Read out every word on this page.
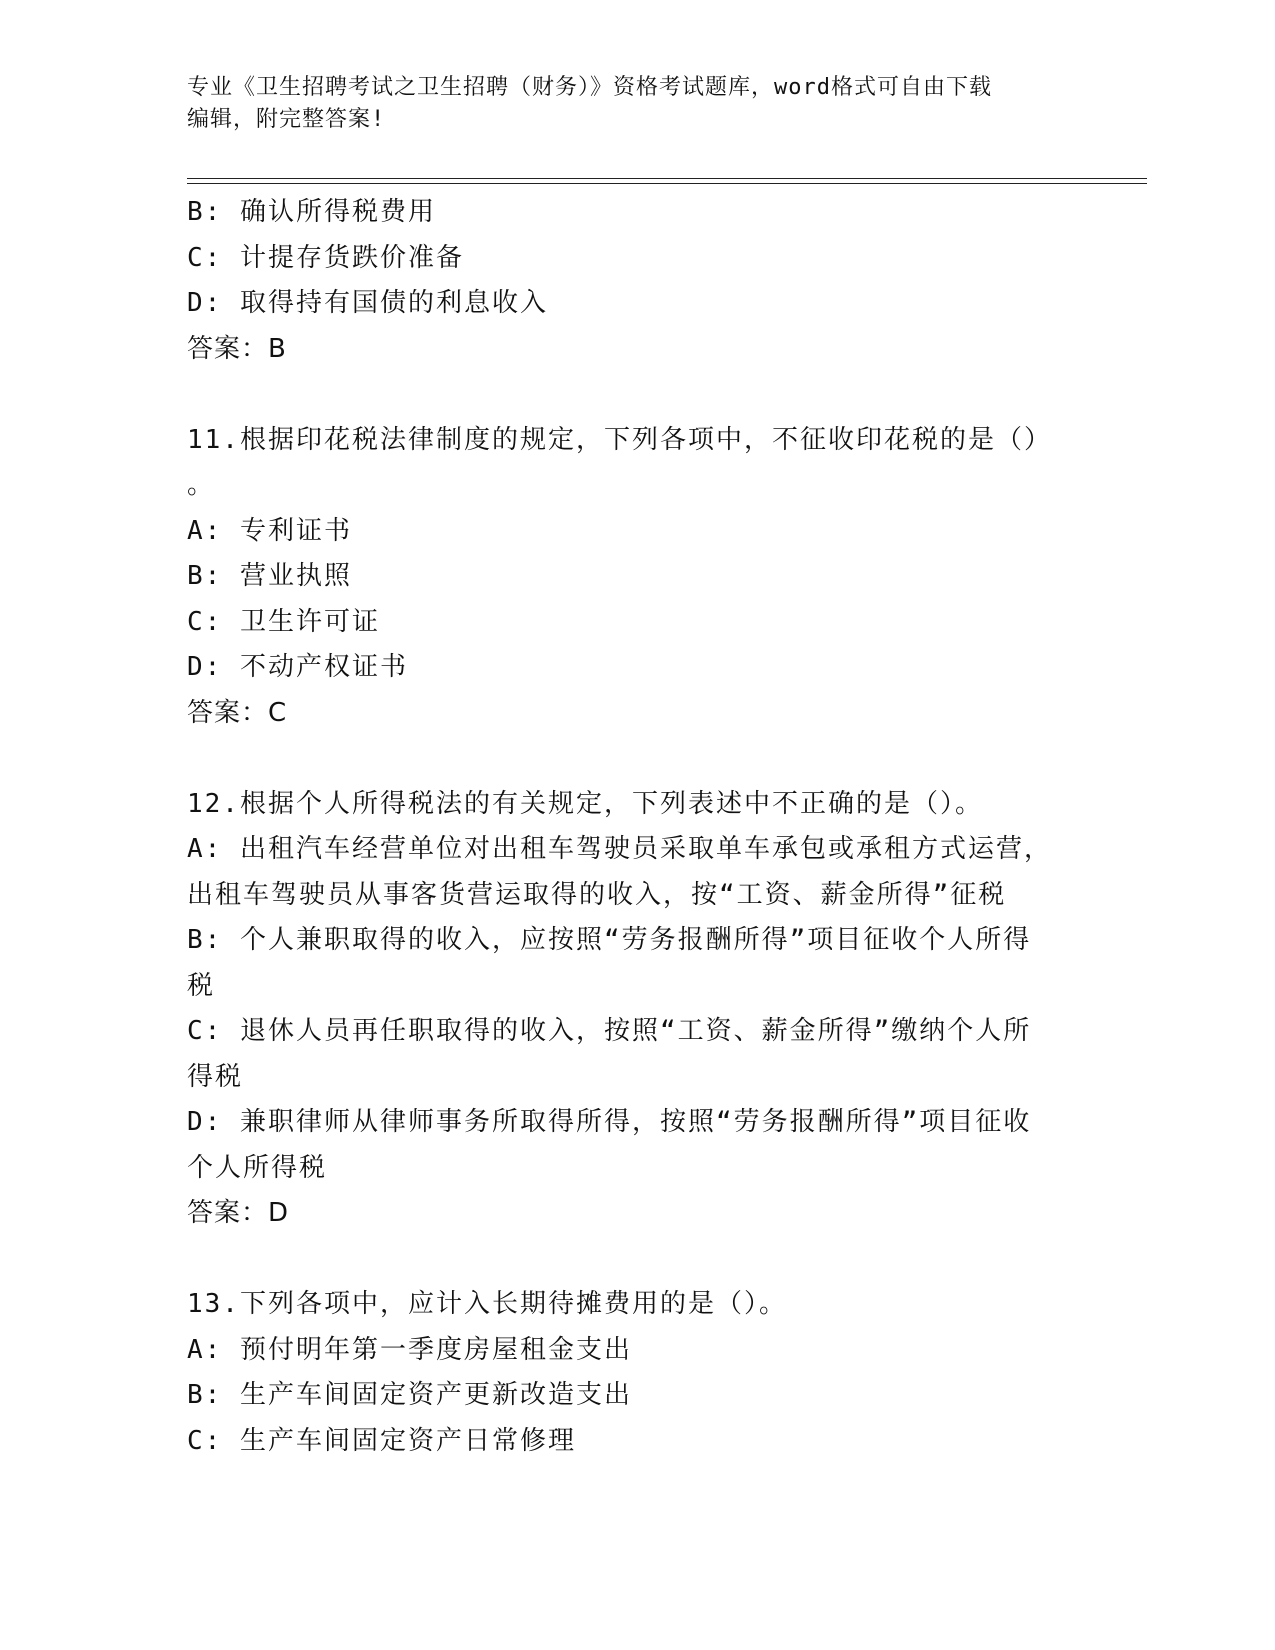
专业《卫生招聘考试之卫生招聘（财务）》资格考试题库，word格式可自由下载
编辑，附完整答案!
B: 确认所得税费用
C: 计提存货跌价准备
D: 取得持有国债的利息收入
答案：B
11.根据印花税法律制度的规定，下列各项中，不征收印花税的是（）
。
A: 专利证书
B: 营业执照
C: 卫生许可证
D: 不动产权证书
答案：C
12.根据个人所得税法的有关规定，下列表述中不正确的是（）。
A: 出租汽车经营单位对出租车驾驶员采取单车承包或承租方式运营，
出租车驾驶员从事客货营运取得的收入，按“工资、薪金所得”征税
B: 个人兼职取得的收入，应按照“劳务报酬所得”项目征收个人所得
税
C: 退休人员再任职取得的收入，按照“工资、薪金所得”缴纳个人所
得税
D: 兼职律师从律师事务所取得所得，按照“劳务报酬所得”项目征收
个人所得税
答案：D
13.下列各项中，应计入长期待摊费用的是（）。
A: 预付明年第一季度房屋租金支出
B: 生产车间固定资产更新改造支出
C: 生产车间固定资产日常修理
